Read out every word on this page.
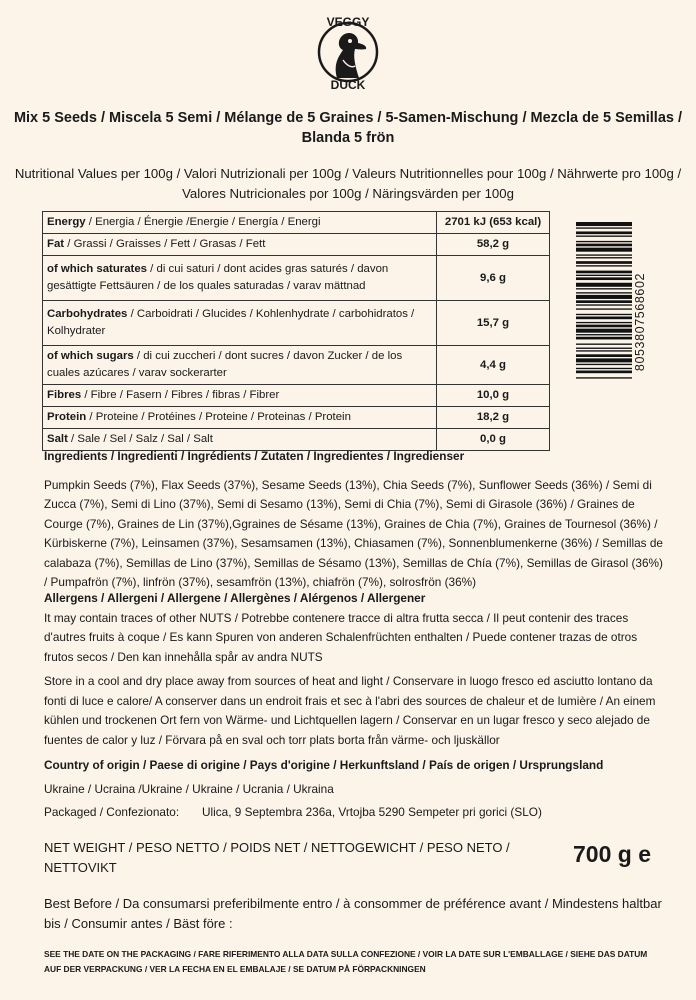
VEGGY
DUCK
Mix 5 Seeds / Miscela 5 Semi / Mélange de 5 Graines / 5-Samen-Mischung / Mezcla de 5 Semillas / Blanda 5 frön
Nutritional Values per 100g / Valori Nutrizionali per 100g / Valeurs Nutritionnelles pour 100g / Nährwerte pro 100g / Valores Nutricionales por 100g / Näringsvärden per 100g
Energy / Energia / Énergie /Energie / Energía / Energi	2701 kJ (653 kcal)
Fat / Grassi / Graisses / Fett / Grasas / Fett	58,2 g
of which saturates / di cui saturi / dont acides gras saturés / davon gesättigte Fettsäuren / de los quales saturadas / varav mättnad	9,6 g
Carbohydrates / Carboidrati / Glucides / Kohlenhydrate / carbohidratos / Kolhydrater	15,7 g
of which sugars / di cui zuccheri / dont sucres / davon Zucker / de los cuales azúcares / varav sockerarter	4,4 g
Fibres / Fibre / Fasern / Fibres / fibras / Fibrer	10,0 g
Protein / Proteine / Protéines / Proteine / Proteinas / Protein	18,2 g
Salt / Sale / Sel / Salz / Sal / Salt	0,0 g
8053807568602
Ingredients / Ingredienti / Ingrédients / Zutaten / Ingredientes / Ingredienser
Pumpkin Seeds (7%), Flax Seeds (37%), Sesame Seeds (13%), Chia Seeds (7%), Sunflower Seeds (36%) / Semi di Zucca (7%), Semi di Lino (37%), Semi di Sesamo (13%), Semi di Chia (7%), Semi di Girasole (36%) / Graines de Courge (7%), Graines de Lin (37%),Ggraines de Sésame (13%), Graines de Chia (7%), Graines de Tournesol (36%) / Kürbiskerne (7%), Leinsamen (37%), Sesamsamen (13%), Chiasamen (7%), Sonnenblumenkerne (36%) / Semillas de calabaza (7%), Semillas de Lino (37%), Semillas de Sésamo (13%), Semillas de Chía (7%), Semillas de Girasol (36%) / Pumpafrön (7%), linfrön (37%), sesamfrön (13%), chiafrön (7%), solrosfrön (36%)
Allergens / Allergeni / Allergene / Allergènes / Alérgenos / Allergener
It may contain traces of other NUTS / Potrebbe contenere tracce di altra frutta secca / Il peut contenir des traces d'autres fruits à coque / Es kann Spuren von anderen Schalenfrüchten enthalten / Puede contener trazas de otros frutos secos / Den kan innehålla spår av andra NUTS
Store in a cool and dry place away from sources of heat and light / Conservare in luogo fresco ed asciutto lontano da fonti di luce e calore/ A conserver dans un endroit frais et sec à l'abri des sources de chaleur et de lumière / An einem kühlen und trockenen Ort fern von Wärme- und Lichtquellen lagern / Conservar en un lugar fresco y seco alejado de fuentes de calor y luz / Förvara på en sval och torr plats borta från värme- och ljuskällor
Country of origin / Paese di origine / Pays d'origine / Herkunftsland / País de origen / Ursprungsland
Ukraine / Ucraina /Ukraine / Ukraine / Ucrania / Ukraina
Packaged / Confezionato: Ulica, 9 Septembra 236a, Vrtojba 5290 Sempeter pri gorici (SLO)
NET WEIGHT / PESO NETTO / POIDS NET / NETTOGEWICHT / PESO NETO / NETTOVIKT
700 g e
Best Before / Da consumarsi preferibilmente entro / à consommer de préférence avant / Mindestens haltbar bis / Consumir antes / Bäst före :
SEE THE DATE ON THE PACKAGING / FARE RIFERIMENTO ALLA DATA SULLA CONFEZIONE / VOIR LA DATE SUR L'EMBALLAGE / SIEHE DAS DATUM AUF DER VERPACKUNG / VER LA FECHA EN EL EMBALAJE / SE DATUM PÅ FÖRPACKNINGEN
